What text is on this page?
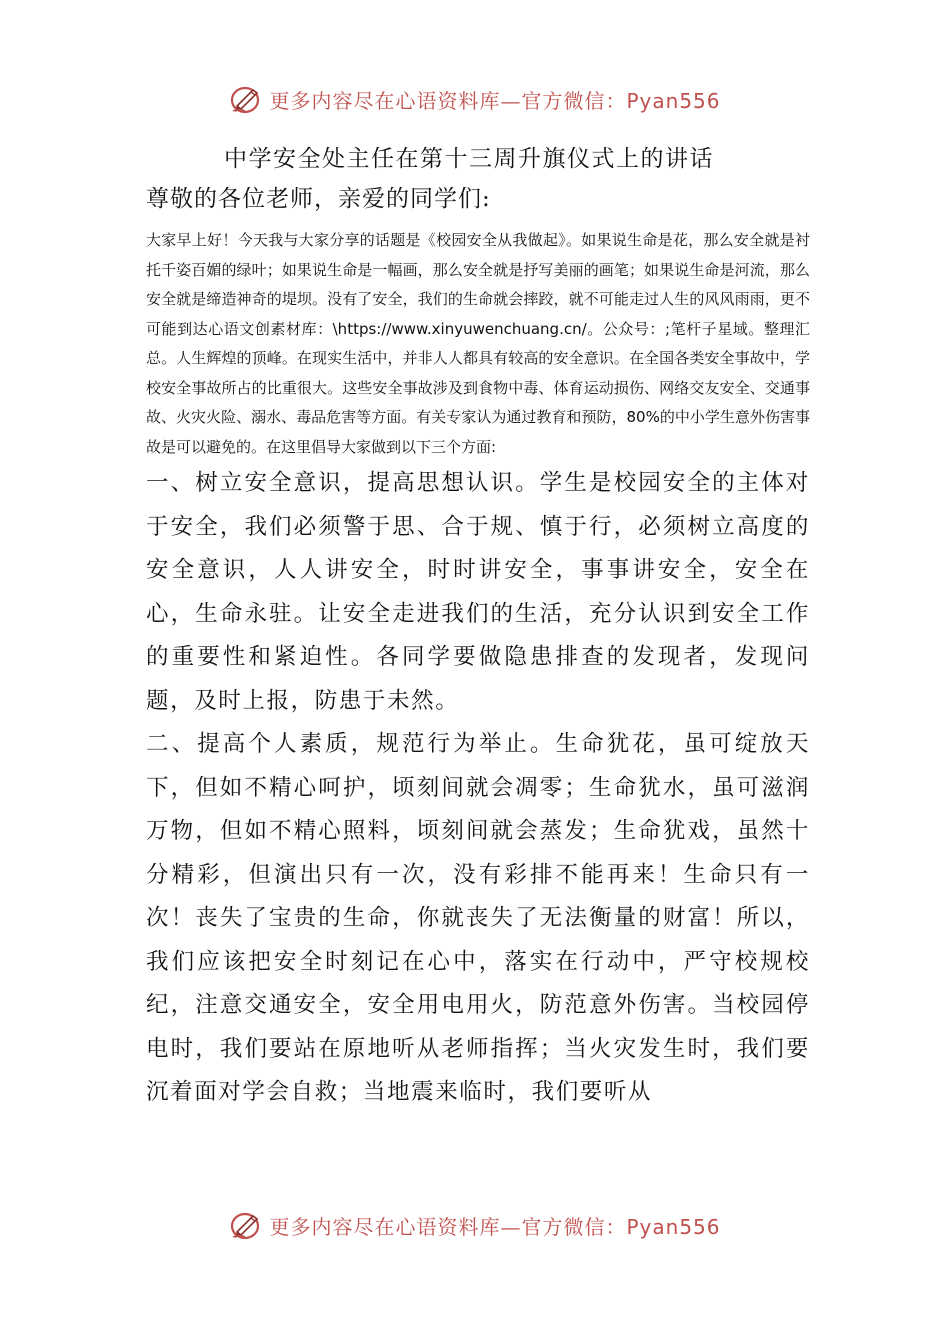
更多内容尽在心语资料库—官方微信：Pyan556

中学安全处主任在第十三周升旗仪式上的讲话

尊敬的各位老师，亲爱的同学们:

大家早上好！今天我与大家分享的话题是《校园安全从我做起》。如果说生命是花，那么安全就是衬托千姿百媚的绿叶；如果说生命是一幅画，那么安全就是抒写美丽的画笔；如果说生命是河流，那么安全就是缔造神奇的堤坝。没有了安全，我们的生命就会摔跤，就不可能走过人生的风风雨雨，更不可能到达心语文创素材库：\https://www.xinyuwenchuang.cn/。公众号：;笔杆子星域。整理汇总。人生辉煌的顶峰。在现实生活中，并非人人都具有较高的安全意识。在全国各类安全事故中，学校安全事故所占的比重很大。这些安全事故涉及到食物中毒、体育运动损伤、网络交友安全、交通事故、火灾火险、溺水、毒品危害等方面。有关专家认为通过教育和预防，80%的中小学生意外伤害事故是可以避免的。在这里倡导大家做到以下三个方面:

一、树立安全意识，提高思想认识。学生是校园安全的主体对于安全，我们必须警于思、合于规、慎于行，必须树立高度的安全意识，人人讲安全，时时讲安全，事事讲安全，安全在心，生命永驻。让安全走进我们的生活，充分认识到安全工作的重要性和紧迫性。各同学要做隐患排查的发现者，发现问题，及时上报，防患于未然。

二、提高个人素质，规范行为举止。生命犹花，虽可绽放天下，但如不精心呵护，顷刻间就会凋零；生命犹水，虽可滋润万物，但如不精心照料，顷刻间就会蒸发；生命犹戏，虽然十分精彩，但演出只有一次，没有彩排不能再来！生命只有一次！丧失了宝贵的生命，你就丧失了无法衡量的财富！所以，我们应该把安全时刻记在心中，落实在行动中，严守校规校纪，注意交通安全，安全用电用火，防范意外伤害。当校园停电时，我们要站在原地听从老师指挥；当火灾发生时，我们要沉着面对学会自救；当地震来临时，我们要听从

更多内容尽在心语资料库—官方微信：Pyan556
